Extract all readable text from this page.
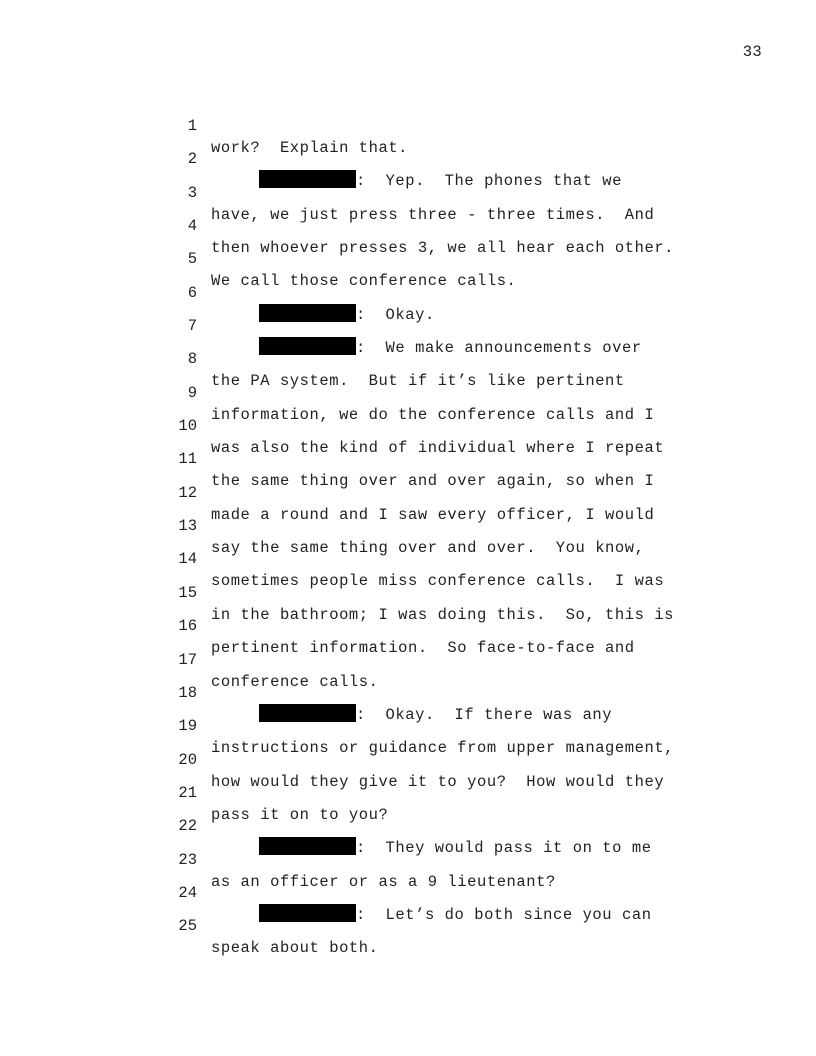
33

1

work?  Explain that.

2

:  Yep.  The phones that we

3

have, we just press three - three times.  And

4

then whoever presses 3, we all hear each other.

5

We call those conference calls.

6

:  Okay.

7

:  We make announcements over

8

the PA system.  But if it’s like pertinent

9

information, we do the conference calls and I

10

was also the kind of individual where I repeat

11

the same thing over and over again, so when I

12

made a round and I saw every officer, I would

13

say the same thing over and over.  You know,

14

sometimes people miss conference calls.  I was

15

in the bathroom; I was doing this.  So, this is

16

pertinent information.  So face-to-face and

17

conference calls.

18

:  Okay.  If there was any

19

instructions or guidance from upper management,

20

how would they give it to you?  How would they

21

pass it on to you?

22

:  They would pass it on to me

23

as an officer or as a 9 lieutenant?

24

:  Let’s do both since you can

25

speak about both.
